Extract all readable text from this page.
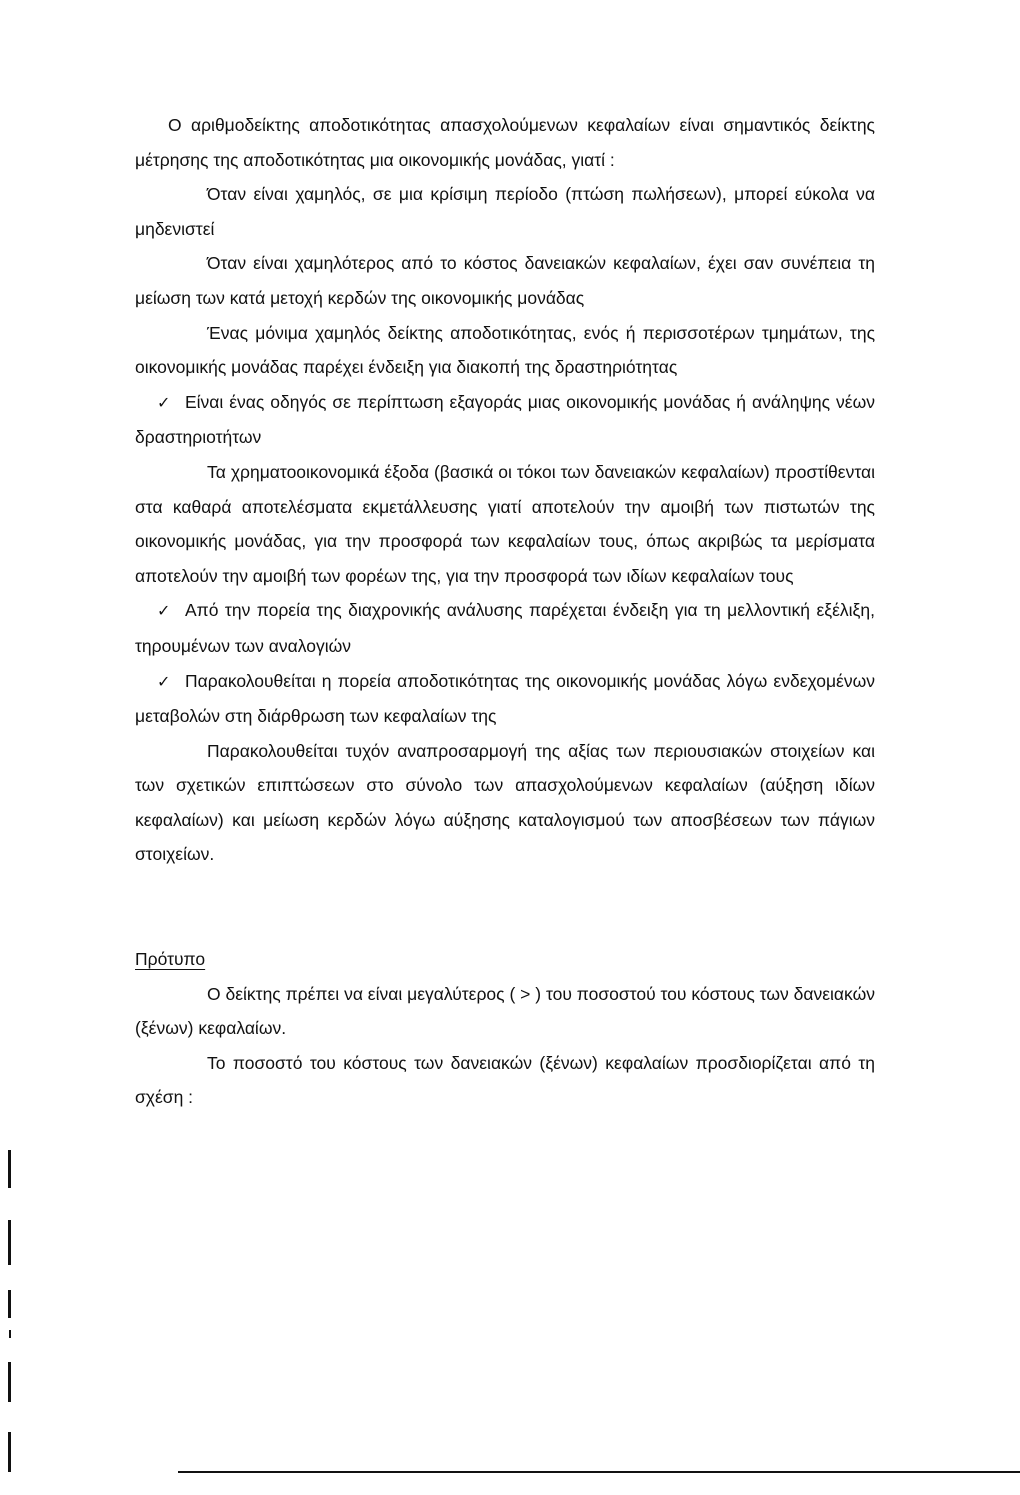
Ο αριθμοδείκτης αποδοτικότητας απασχολούμενων κεφαλαίων είναι σημαντικός δείκτης μέτρησης της αποδοτικότητας μια οικονομικής μονάδας, γιατί :

Όταν είναι χαμηλός, σε μια κρίσιμη περίοδο (πτώση πωλήσεων), μπορεί εύκολα να μηδενιστεί

Όταν είναι χαμηλότερος από το κόστος δανειακών κεφαλαίων, έχει σαν συνέπεια τη μείωση των κατά μετοχή κερδών της οικονομικής μονάδας

Ένας μόνιμα χαμηλός δείκτης αποδοτικότητας, ενός ή περισσοτέρων τμημάτων, της οικονομικής μονάδας παρέχει ένδειξη για διακοπή της δραστηριότητας

✓ Είναι ένας οδηγός σε περίπτωση εξαγοράς μιας οικονομικής μονάδας ή ανάληψης νέων δραστηριοτήτων

Τα χρηματοοικονομικά έξοδα (βασικά οι τόκοι των δανειακών κεφαλαίων) προστίθενται στα καθαρά αποτελέσματα εκμετάλλευσης γιατί αποτελούν την αμοιβή των πιστωτών της οικονομικής μονάδας, για την προσφορά των κεφαλαίων τους, όπως ακριβώς τα μερίσματα αποτελούν την αμοιβή των φορέων της, για την προσφορά των ιδίων κεφαλαίων τους

✓ Από την πορεία της διαχρονικής ανάλυσης παρέχεται ένδειξη για τη μελλοντική εξέλιξη, τηρουμένων των αναλογιών

✓ Παρακολουθείται η πορεία αποδοτικότητας της οικονομικής μονάδας λόγω ενδεχομένων μεταβολών στη διάρθρωση των κεφαλαίων της

Παρακολουθείται τυχόν αναπροσαρμογή της αξίας των περιουσιακών στοιχείων και των σχετικών επιπτώσεων στο σύνολο των απασχολούμενων κεφαλαίων (αύξηση ιδίων κεφαλαίων) και μείωση κερδών λόγω αύξησης καταλογισμού των αποσβέσεων των πάγιων στοιχείων.

Πρότυπο

Ο δείκτης πρέπει να είναι μεγαλύτερος ( > ) του ποσοστού του κόστους των δανειακών (ξένων) κεφαλαίων.

Το ποσοστό του κόστους των δανειακών (ξένων) κεφαλαίων προσδιορίζεται από τη σχέση :
